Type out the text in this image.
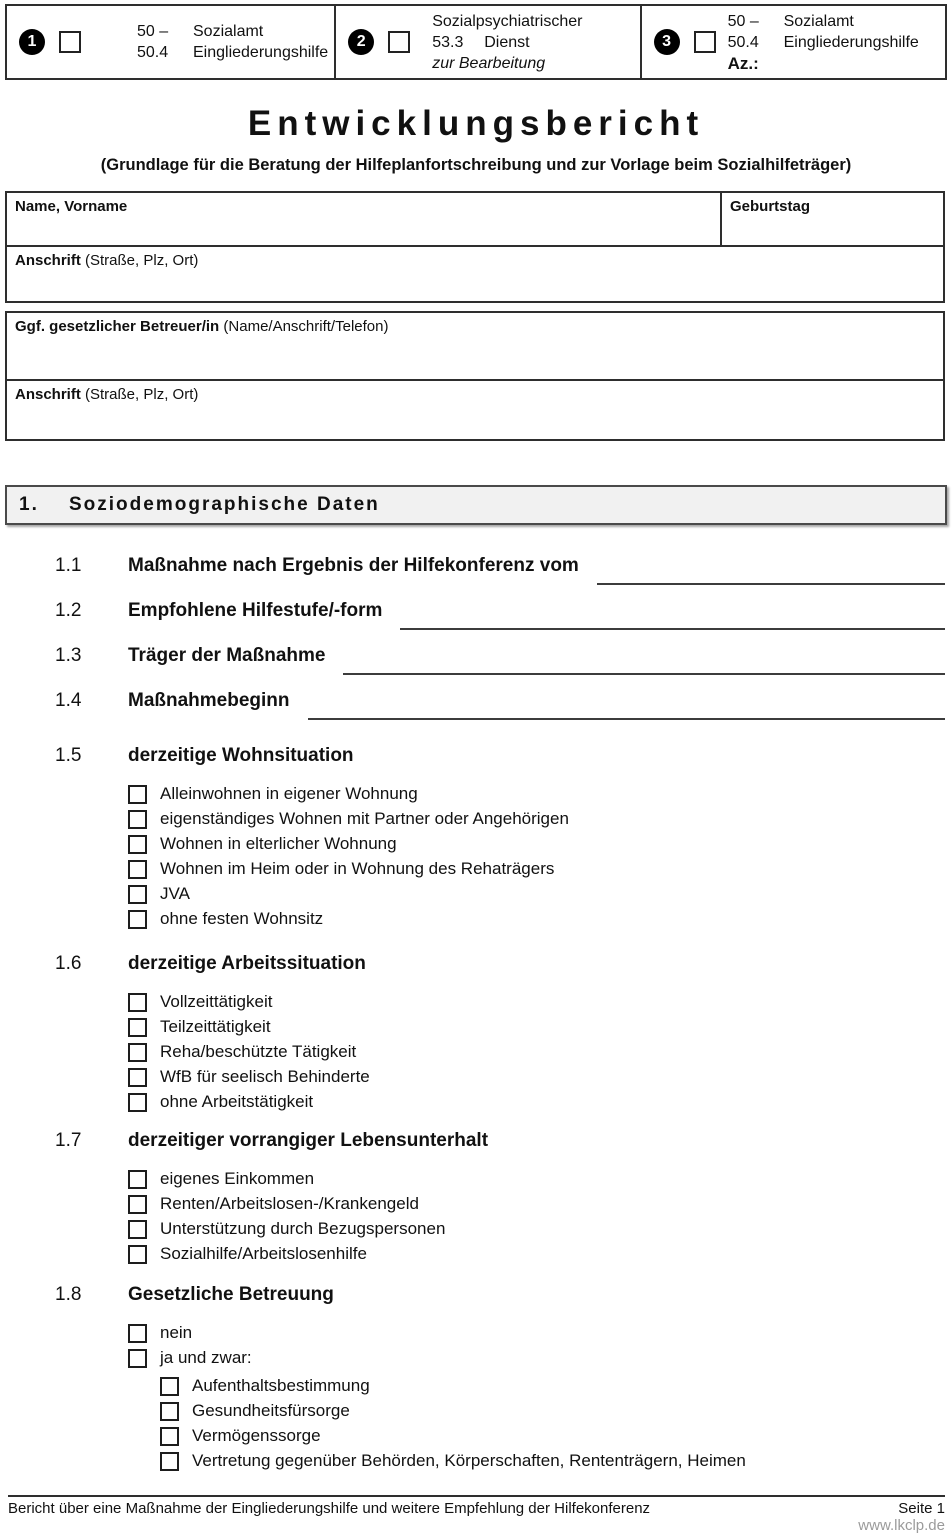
1
50 –	Sozialamt
50.4	Eingliederungshilfe
2
Sozialpsychiatrischer
53.3	Dienst
zur Bearbeitung
3
50 –	Sozialamt
50.4	Eingliederungshilfe
Az.:
Entwicklungsbericht
(Grundlage für die Beratung der Hilfeplanfortschreibung und zur Vorlage beim Sozialhilfeträger)
Name, Vorname	Geburtstag
Anschrift (Straße, Plz, Ort)
Ggf. gesetzlicher Betreuer/in (Name/Anschrift/Telefon)
Anschrift (Straße, Plz, Ort)
1.	Soziodemographische Daten
1.1	Maßnahme nach Ergebnis der Hilfekonferenz vom
1.2	Empfohlene Hilfestufe/-form
1.3	Träger der Maßnahme
1.4	Maßnahmebeginn
1.5	derzeitige Wohnsituation
Alleinwohnen in eigener Wohnung
eigenständiges Wohnen mit Partner oder Angehörigen
Wohnen in elterlicher Wohnung
Wohnen im Heim oder in Wohnung des Rehaträgers
JVA
ohne festen Wohnsitz
1.6	derzeitige Arbeitssituation
Vollzeittätigkeit
Teilzeittätigkeit
Reha/beschützte Tätigkeit
WfB für seelisch Behinderte
ohne Arbeitstätigkeit
1.7	derzeitiger vorrangiger Lebensunterhalt
eigenes Einkommen
Renten/Arbeitslosen-/Krankengeld
Unterstützung durch Bezugspersonen
Sozialhilfe/Arbeitslosenhilfe
1.8	Gesetzliche Betreuung
nein
ja und zwar:
Aufenthaltsbestimmung
Gesundheitsfürsorge
Vermögenssorge
Vertretung gegenüber Behörden, Körperschaften, Rententrägern, Heimen
Bericht über eine Maßnahme der Eingliederungshilfe und weitere Empfehlung der Hilfekonferenz	Seite 1
www.lkclp.de
